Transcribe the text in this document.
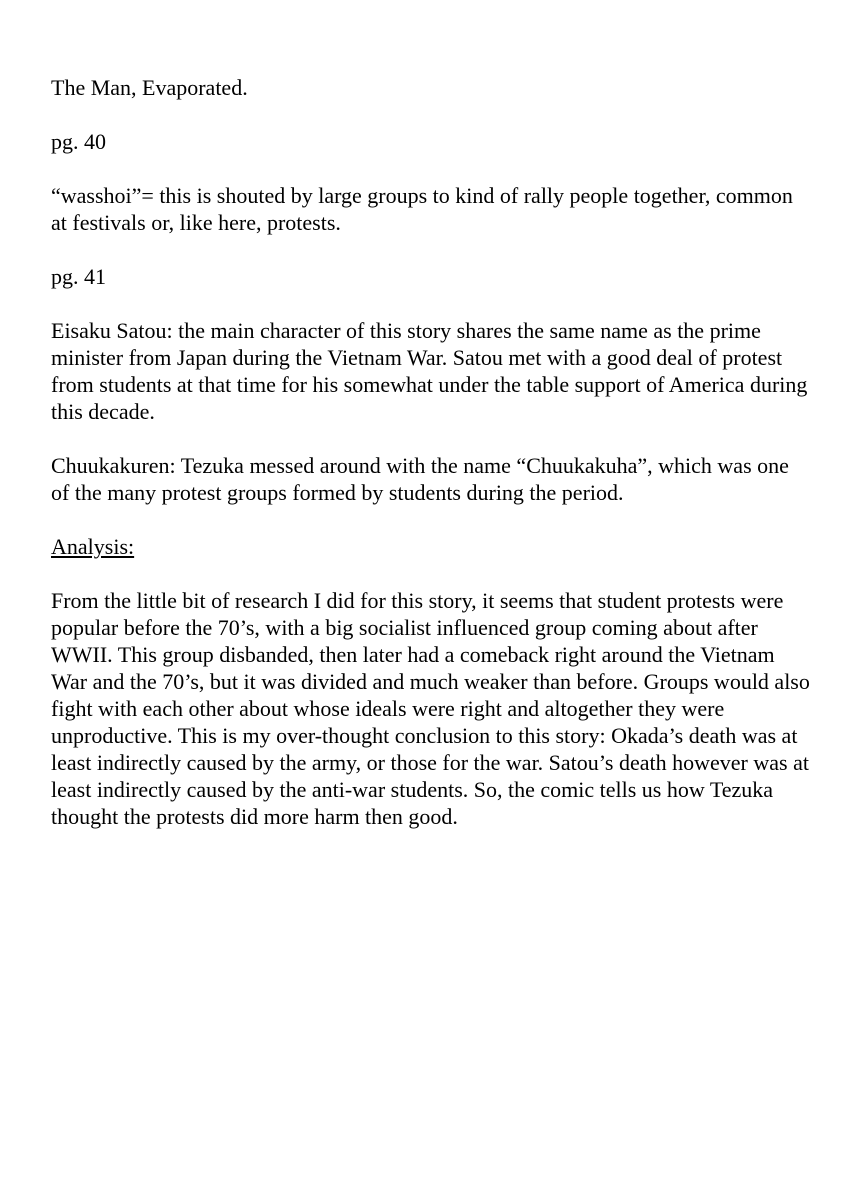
The Man, Evaporated.

pg. 40

“wasshoi”= this is shouted by large groups to kind of rally people together, common at festivals or, like here, protests.

pg. 41

Eisaku Satou: the main character of this story shares the same name as the prime minister from Japan during the Vietnam War. Satou met with a good deal of protest from students at that time for his somewhat under the table support of America during this decade.

Chuukakuren: Tezuka messed around with the name “Chuukakuha”, which was one of the many protest groups formed by students during the period.

Analysis:

From the little bit of research I did for this story, it seems that student protests were popular before the 70’s, with a big socialist influenced group coming about after WWII. This group disbanded, then later had a comeback right around the Vietnam War and the 70’s, but it was divided and much weaker than before. Groups would also fight with each other about whose ideals were right and altogether they were unproductive. This is my over-thought conclusion to this story: Okada’s death was at least indirectly caused by the army, or those for the war. Satou’s death however was at least indirectly caused by the anti-war students. So, the comic tells us how Tezuka thought the protests did more harm then good.
